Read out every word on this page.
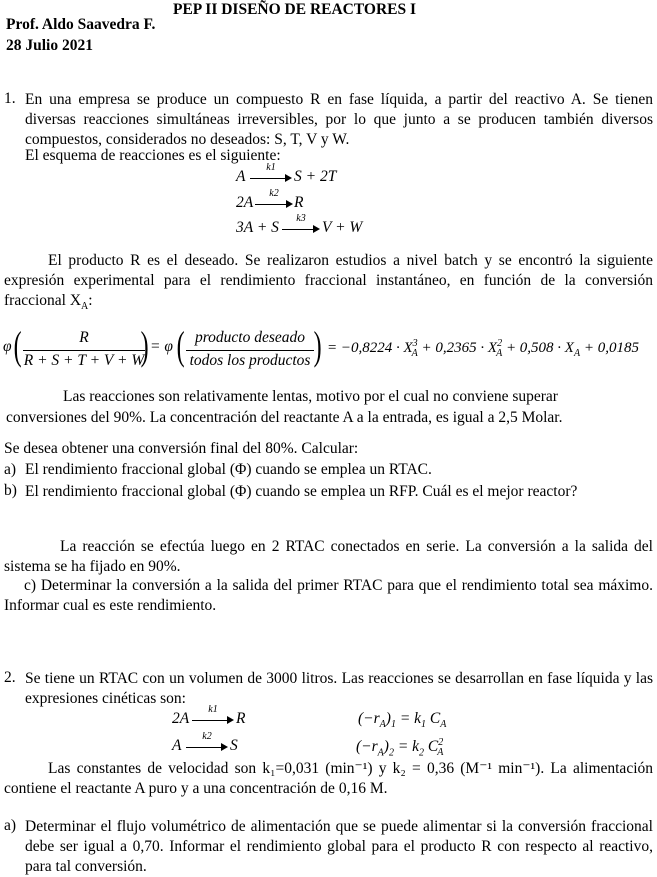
Prof. Aldo Saavedra F.
28 Julio 2021
PEP II DISEÑO DE REACTORES I
1. En una empresa se produce un compuesto R en fase líquida, a partir del reactivo A. Se tienen diversas reacciones simultáneas irreversibles, por lo que junto a se producen también diversos compuestos, considerados no deseados: S, T, V y W.
El esquema de reacciones es el siguiente:
A
k1
S + 2T
2A
k2
R
3A + S
k3
V + W
El producto R es el deseado. Se realizaron estudios a nivel batch y se encontró la siguiente expresión experimental para el rendimiento fraccional instantáneo, en función de la conversión fraccional $X_A$:
φ (	R
R + S + T + V + W
) = φ ( producto deseado
todos los productos ) = $-0,8224 \cdot X^3_A + 0,2365 \cdot X^2_A + 0,508 \cdot X_A + 0,0185$
Las reacciones son relativamente lentas, motivo por el cual no conviene superar
conversiones del 90%. La concentración del reactante A a la entrada, es igual a 2,5 Molar.
Se desea obtener una conversión final del 80%. Calcular:
a) El rendimiento fraccional global (Φ) cuando se emplea un RTAC.
b) El rendimiento fraccional global (Φ) cuando se emplea un RFP. Cuál es el mejor reactor?
La reacción se efectúa luego en 2 RTAC conectados en serie. La conversión a la salida del sistema se ha fijado en 90%.
c) Determinar la conversión a la salida del primer RTAC para que el rendimiento total sea máximo. Informar cual es este rendimiento.
2. Se tiene un RTAC con un volumen de 3000 litros. Las reacciones se desarrollan en fase líquida y las expresiones cinéticas son:
2A
k1
R	$(-r_A)_1 = k_1$ $C_A$
A
k2
S	$(-r_A)_2 = k_2$ $C^2_A$
Las constantes de velocidad son k₁=0,031 (min⁻¹) y k₂ = 0,36 (M⁻¹ min⁻¹). La alimentación contiene el reactante A puro y a una concentración de 0,16 M.
a) Determinar el flujo volumétrico de alimentación que se puede alimentar si la conversión fraccional debe ser igual a 0,70. Informar el rendimiento global para el producto R con respecto al reactivo, para tal conversión.
